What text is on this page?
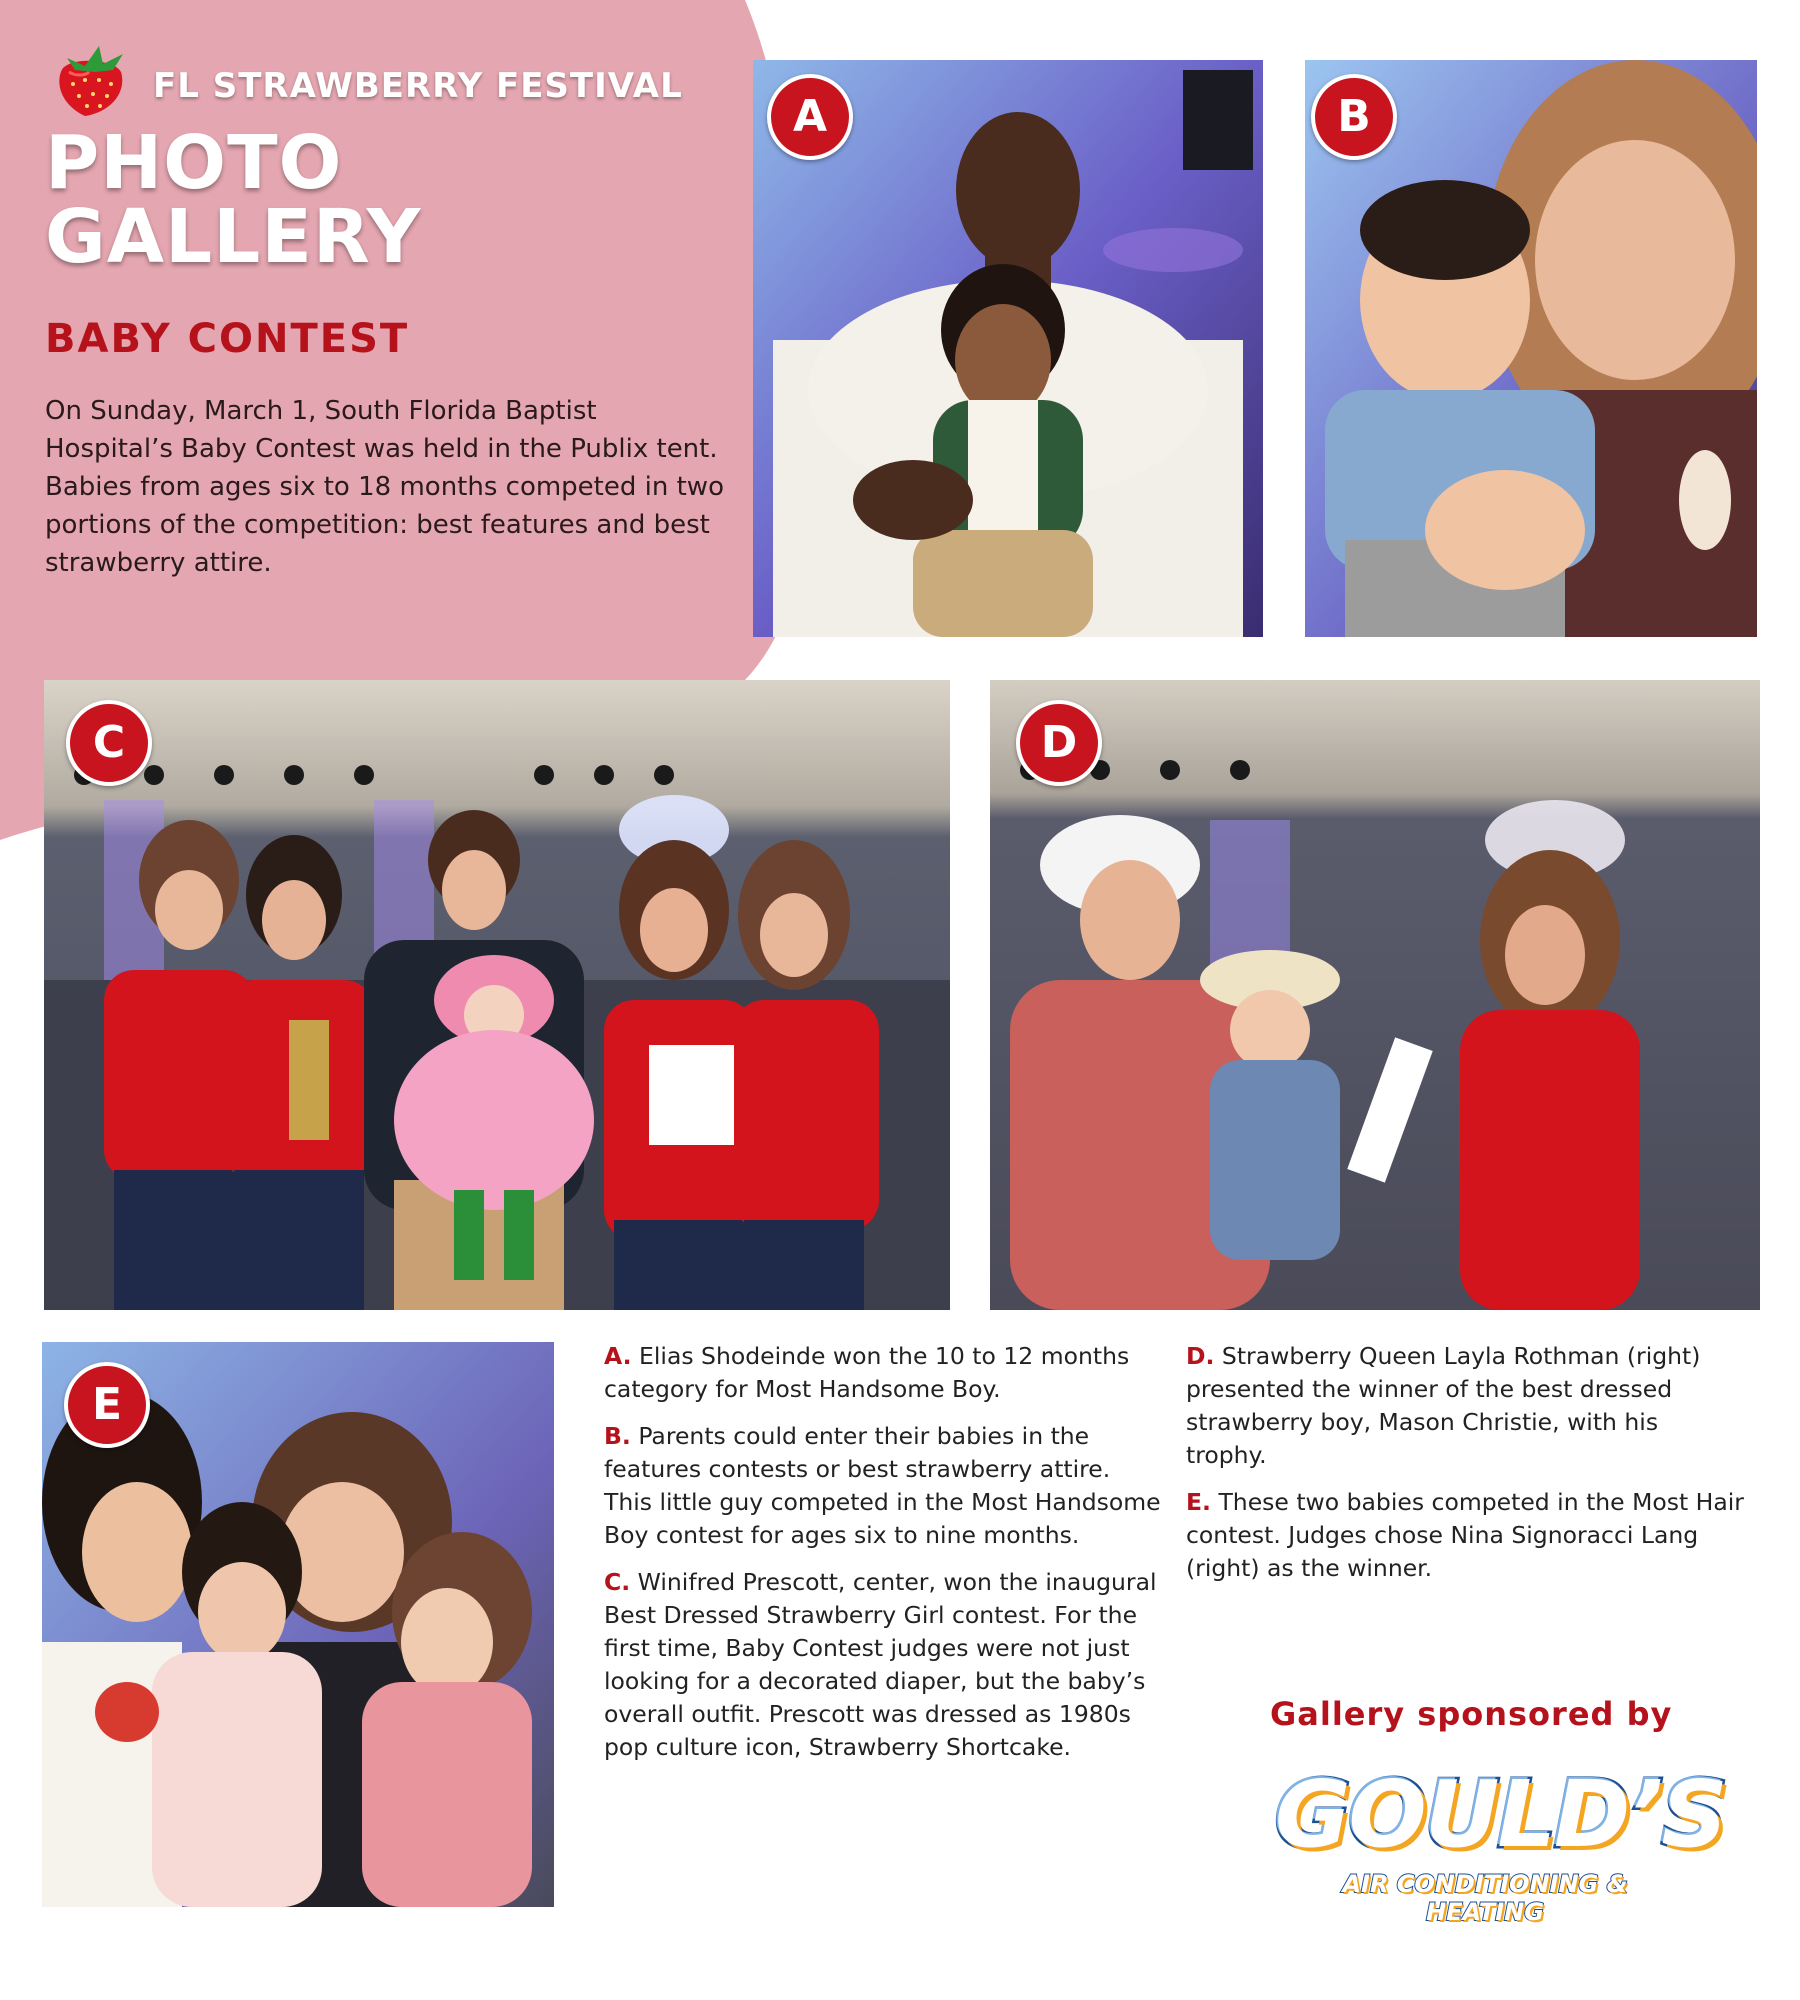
FL STRAWBERRY FESTIVAL
PHOTO GALLERY
BABY CONTEST
On Sunday, March 1, South Florida Baptist Hospital’s Baby Contest was held in the Publix tent. Babies from ages six to 18 months competed in two portions of the competition: best features and best strawberry attire.
A	B
C	D
E
A. Elias Shodeinde won the 10 to 12 months category for Most Handsome Boy.
B. Parents could enter their babies in the features contests or best strawberry attire. This little guy competed in the Most Handsome Boy contest for ages six to nine months.
C. Winifred Prescott, center, won the inaugural Best Dressed Strawberry Girl contest. For the first time, Baby Contest judges were not just looking for a decorated diaper, but the baby’s overall outfit. Prescott was dressed as 1980s pop culture icon, Strawberry Shortcake.
D. Strawberry Queen Layla Rothman (right) presented the winner of the best dressed strawberry boy, Mason Christie, with his trophy.
E. These two babies competed in the Most Hair contest. Judges chose Nina Signoracci Lang (right) as the winner.
Gallery sponsored by
GOULD’S
AIR CONDITIONING & HEATING
